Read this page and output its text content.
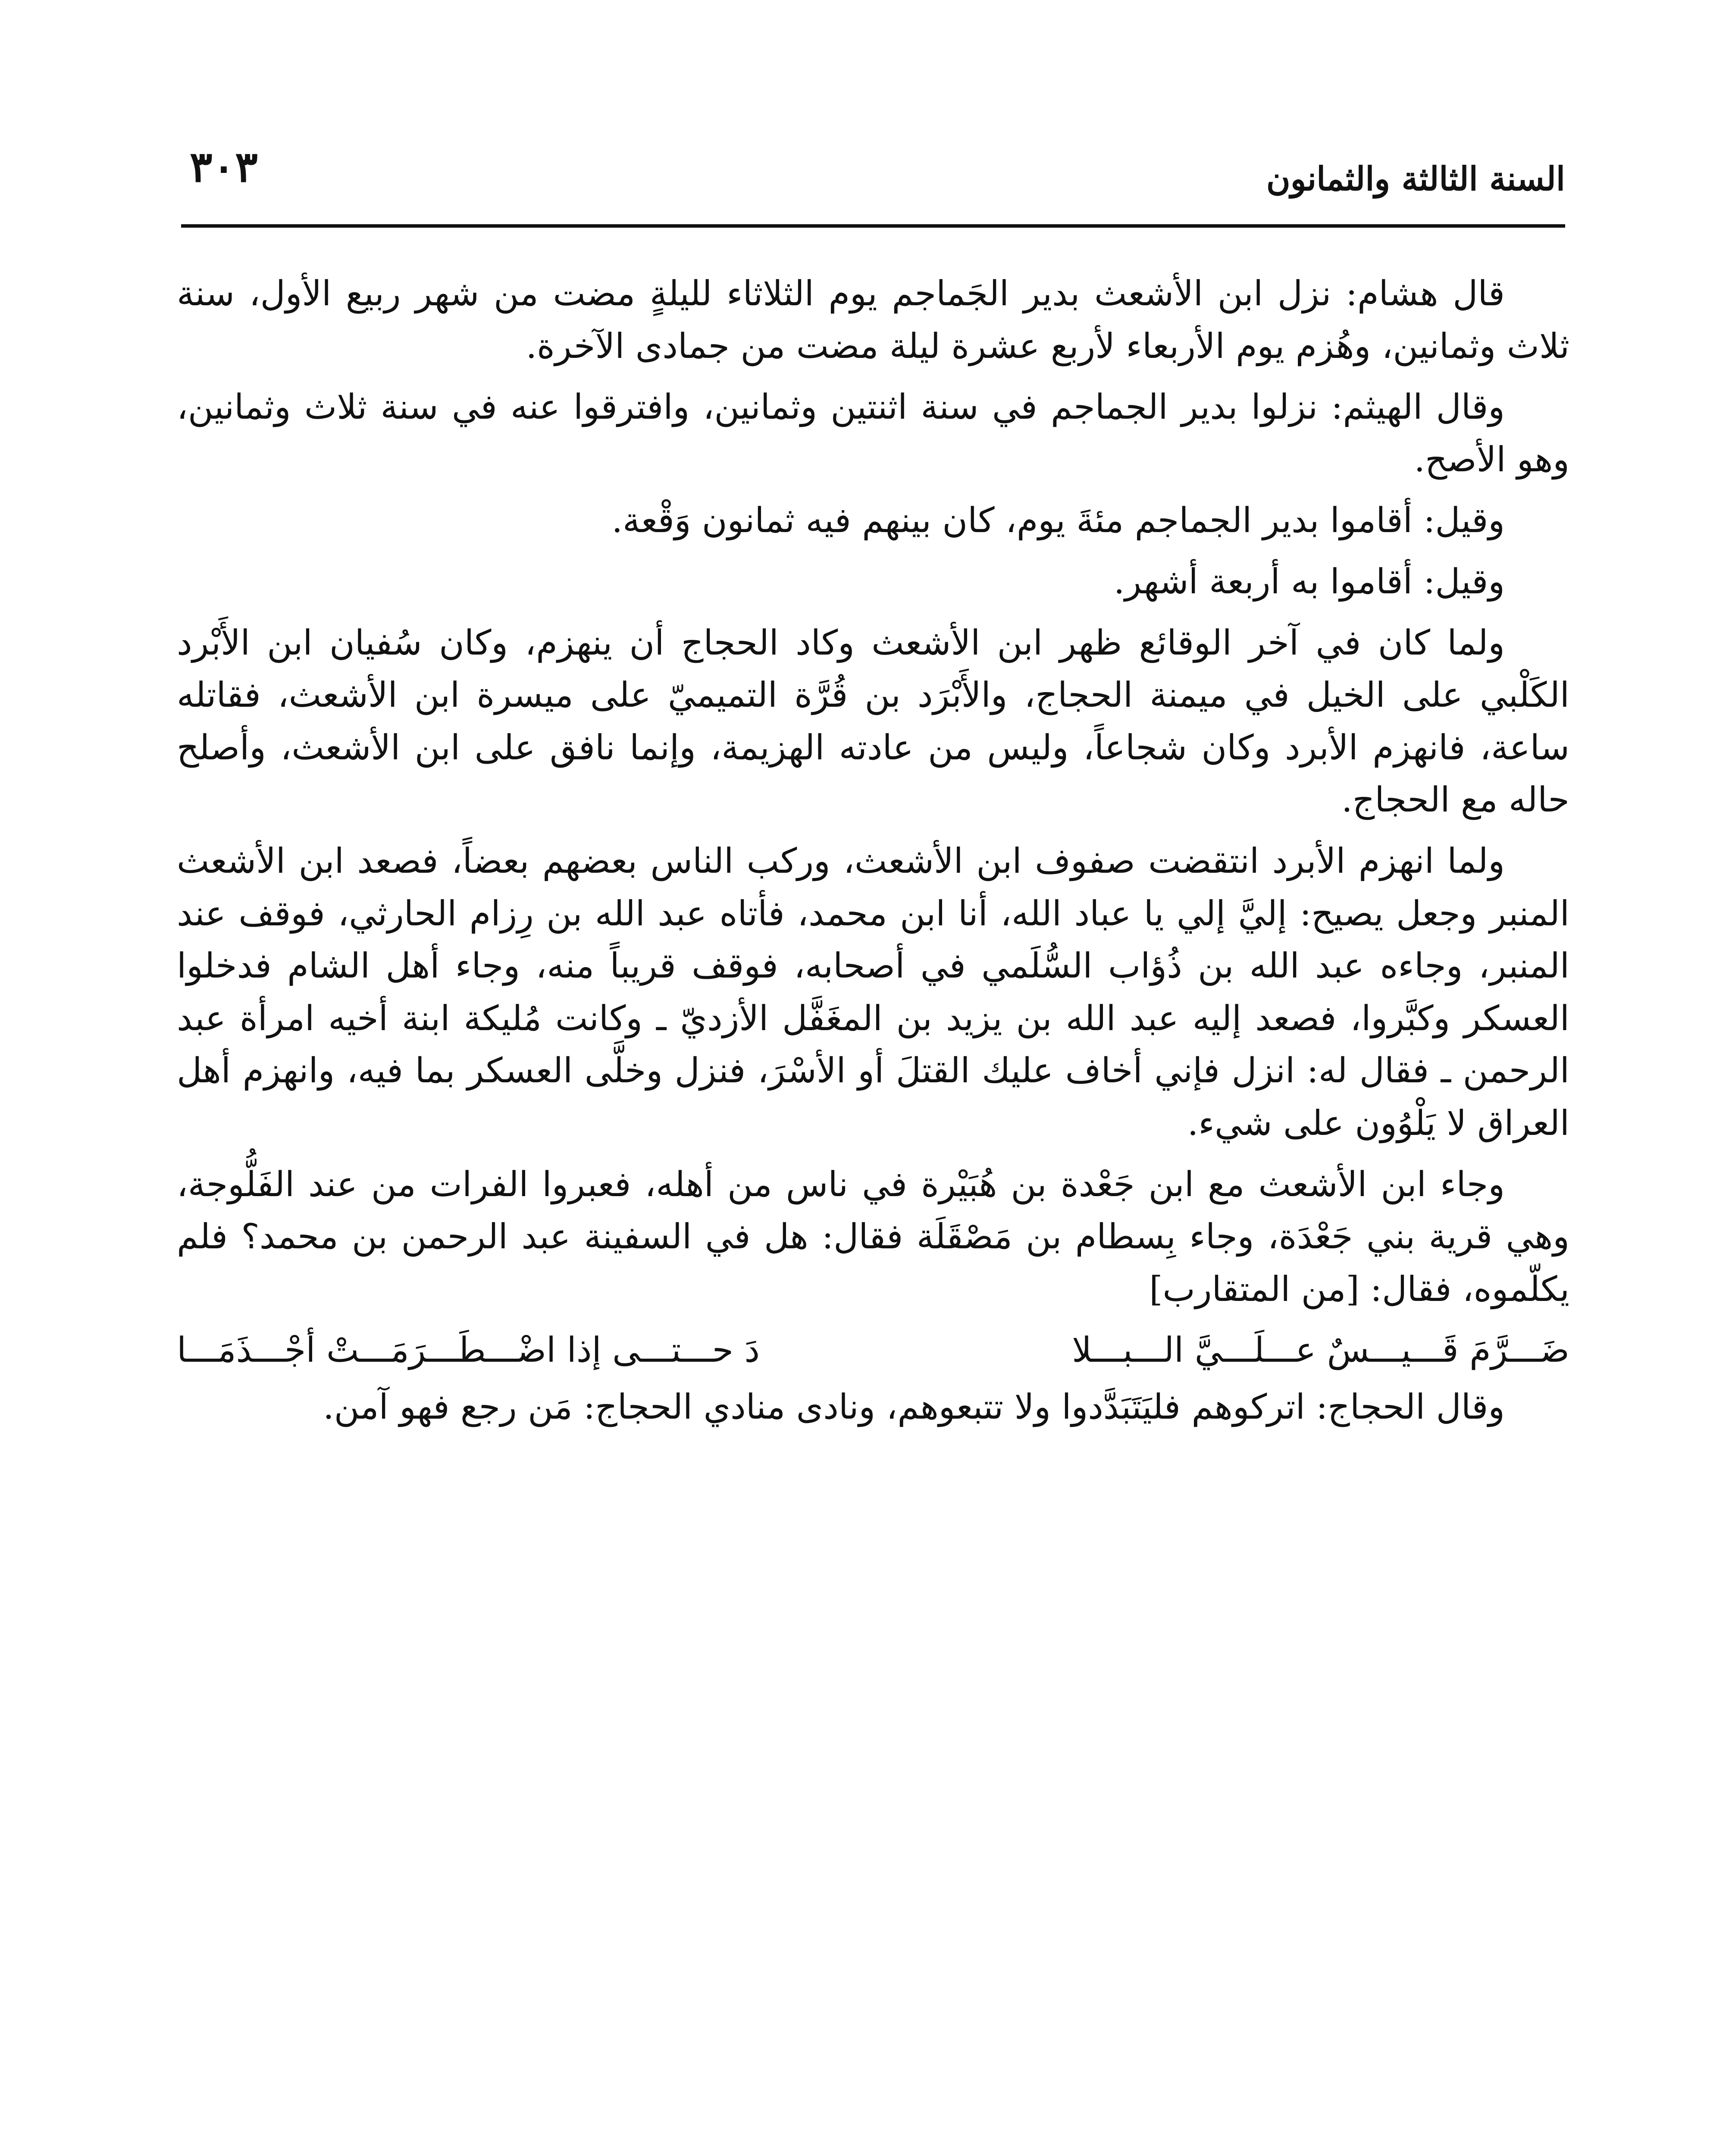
السنة الثالثة والثمانون
٣٠٣

قال هشام: نزل ابن الأشعث بدير الجَماجم يوم الثلاثاء لليلةٍ مضت من شهر ربيع الأول، سنة ثلاث وثمانين، وهُزم يوم الأربعاء لأربع عشرة ليلة مضت من جمادى الآخرة.

وقال الهيثم: نزلوا بدير الجماجم في سنة اثنتين وثمانين، وافترقوا عنه في سنة ثلاث وثمانين، وهو الأصح.

وقيل: أقاموا بدير الجماجم مئةَ يوم، كان بينهم فيه ثمانون وَقْعة.

وقيل: أقاموا به أربعة أشهر.

ولما كان في آخر الوقائع ظهر ابن الأشعث وكاد الحجاج أن ينهزم، وكان سُفيان ابن الأَبْرد الكَلْبي على الخيل في ميمنة الحجاج، والأَبْرَد بن قُرَّة التميميّ على ميسرة ابن الأشعث، فقاتله ساعة، فانهزم الأبرد وكان شجاعاً، وليس من عادته الهزيمة، وإنما نافق على ابن الأشعث، وأصلح حاله مع الحجاج.

ولما انهزم الأبرد انتقضت صفوف ابن الأشعث، وركب الناس بعضهم بعضاً، فصعد ابن الأشعث المنبر وجعل يصيح: إليَّ إلي يا عباد الله، أنا ابن محمد، فأتاه عبد الله بن رِزام الحارثي، فوقف عند المنبر، وجاءه عبد الله بن ذُؤاب السُّلَمي في أصحابه، فوقف قريباً منه، وجاء أهل الشام فدخلوا العسكر وكبَّروا، فصعد إليه عبد الله بن يزيد بن المغَفَّل الأزديّ ـ وكانت مُليكة ابنة أخيه امرأة عبد الرحمن ـ فقال له: انزل فإني أخاف عليك القتلَ أو الأسْرَ، فنزل وخلَّى العسكر بما فيه، وانهزم أهل العراق لا يَلْوُون على شيء.

وجاء ابن الأشعث مع ابن جَعْدة بن هُبَيْرة في ناس من أهله، فعبروا الفرات من عند الفَلُّوجة، وهي قرية بني جَعْدَة، وجاء بِسطام بن مَصْقَلَة فقال: هل في السفينة عبد الرحمن بن محمد؟ فلم يكلّموه، فقال: [من المتقارب]

ضَـــرَّمَ قَـــيـــسٌ عـــلَـــيَّ الـــبـــلا
دَ حـــتـــى إذا اضْـــطَـــرَمَـــتْ أجْـــذَمَـــا

وقال الحجاج: اتركوهم فليَتَبَدَّدوا ولا تتبعوهم، ونادى منادي الحجاج: مَن رجع فهو آمن.
